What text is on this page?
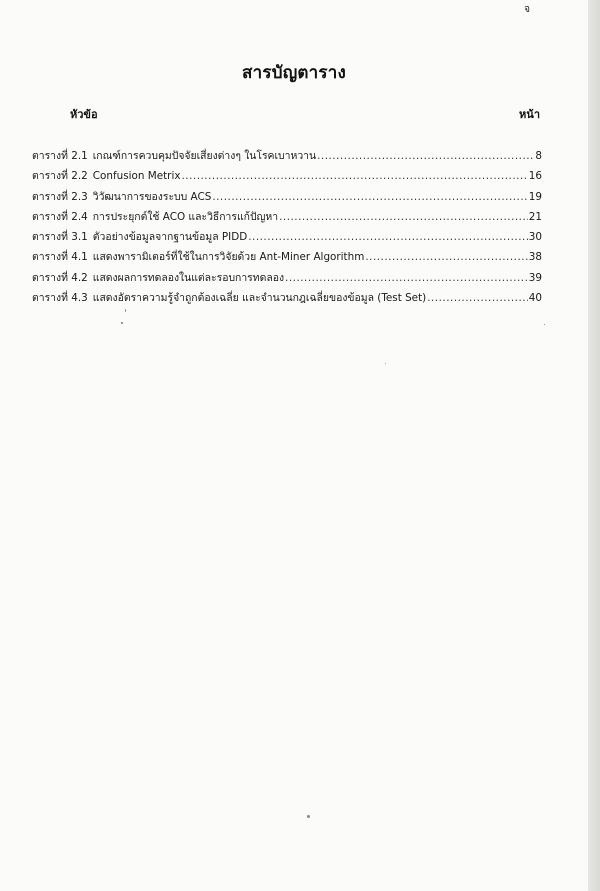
จ
สารบัญตาราง
หัวข้อ	หน้า
ตารางที่ 2.1 เกณฑ์การควบคุมปัจจัยเสี่ยงต่างๆ ในโรคเบาหวาน .....	8
ตารางที่ 2.2 Confusion Metrix .....	16
ตารางที่ 2.3 วิวัฒนาการของระบบ ACS .....	19
ตารางที่ 2.4 การประยุกต์ใช้ ACO และวิธีการแก้ปัญหา .....	21
ตารางที่ 3.1 ตัวอย่างข้อมูลจากฐานข้อมูล PIDD .....	30
ตารางที่ 4.1 แสดงพารามิเตอร์ที่ใช้ในการวิจัยด้วย Ant-Miner Algorithm .....	38
ตารางที่ 4.2 แสดงผลการทดลองในแต่ละรอบการทดลอง .....	39
ตารางที่ 4.3 แสดงอัตราความรู้จำถูกต้องเฉลี่ย และจำนวนกฎเฉลี่ยของข้อมูล (Test Set) .....	40
